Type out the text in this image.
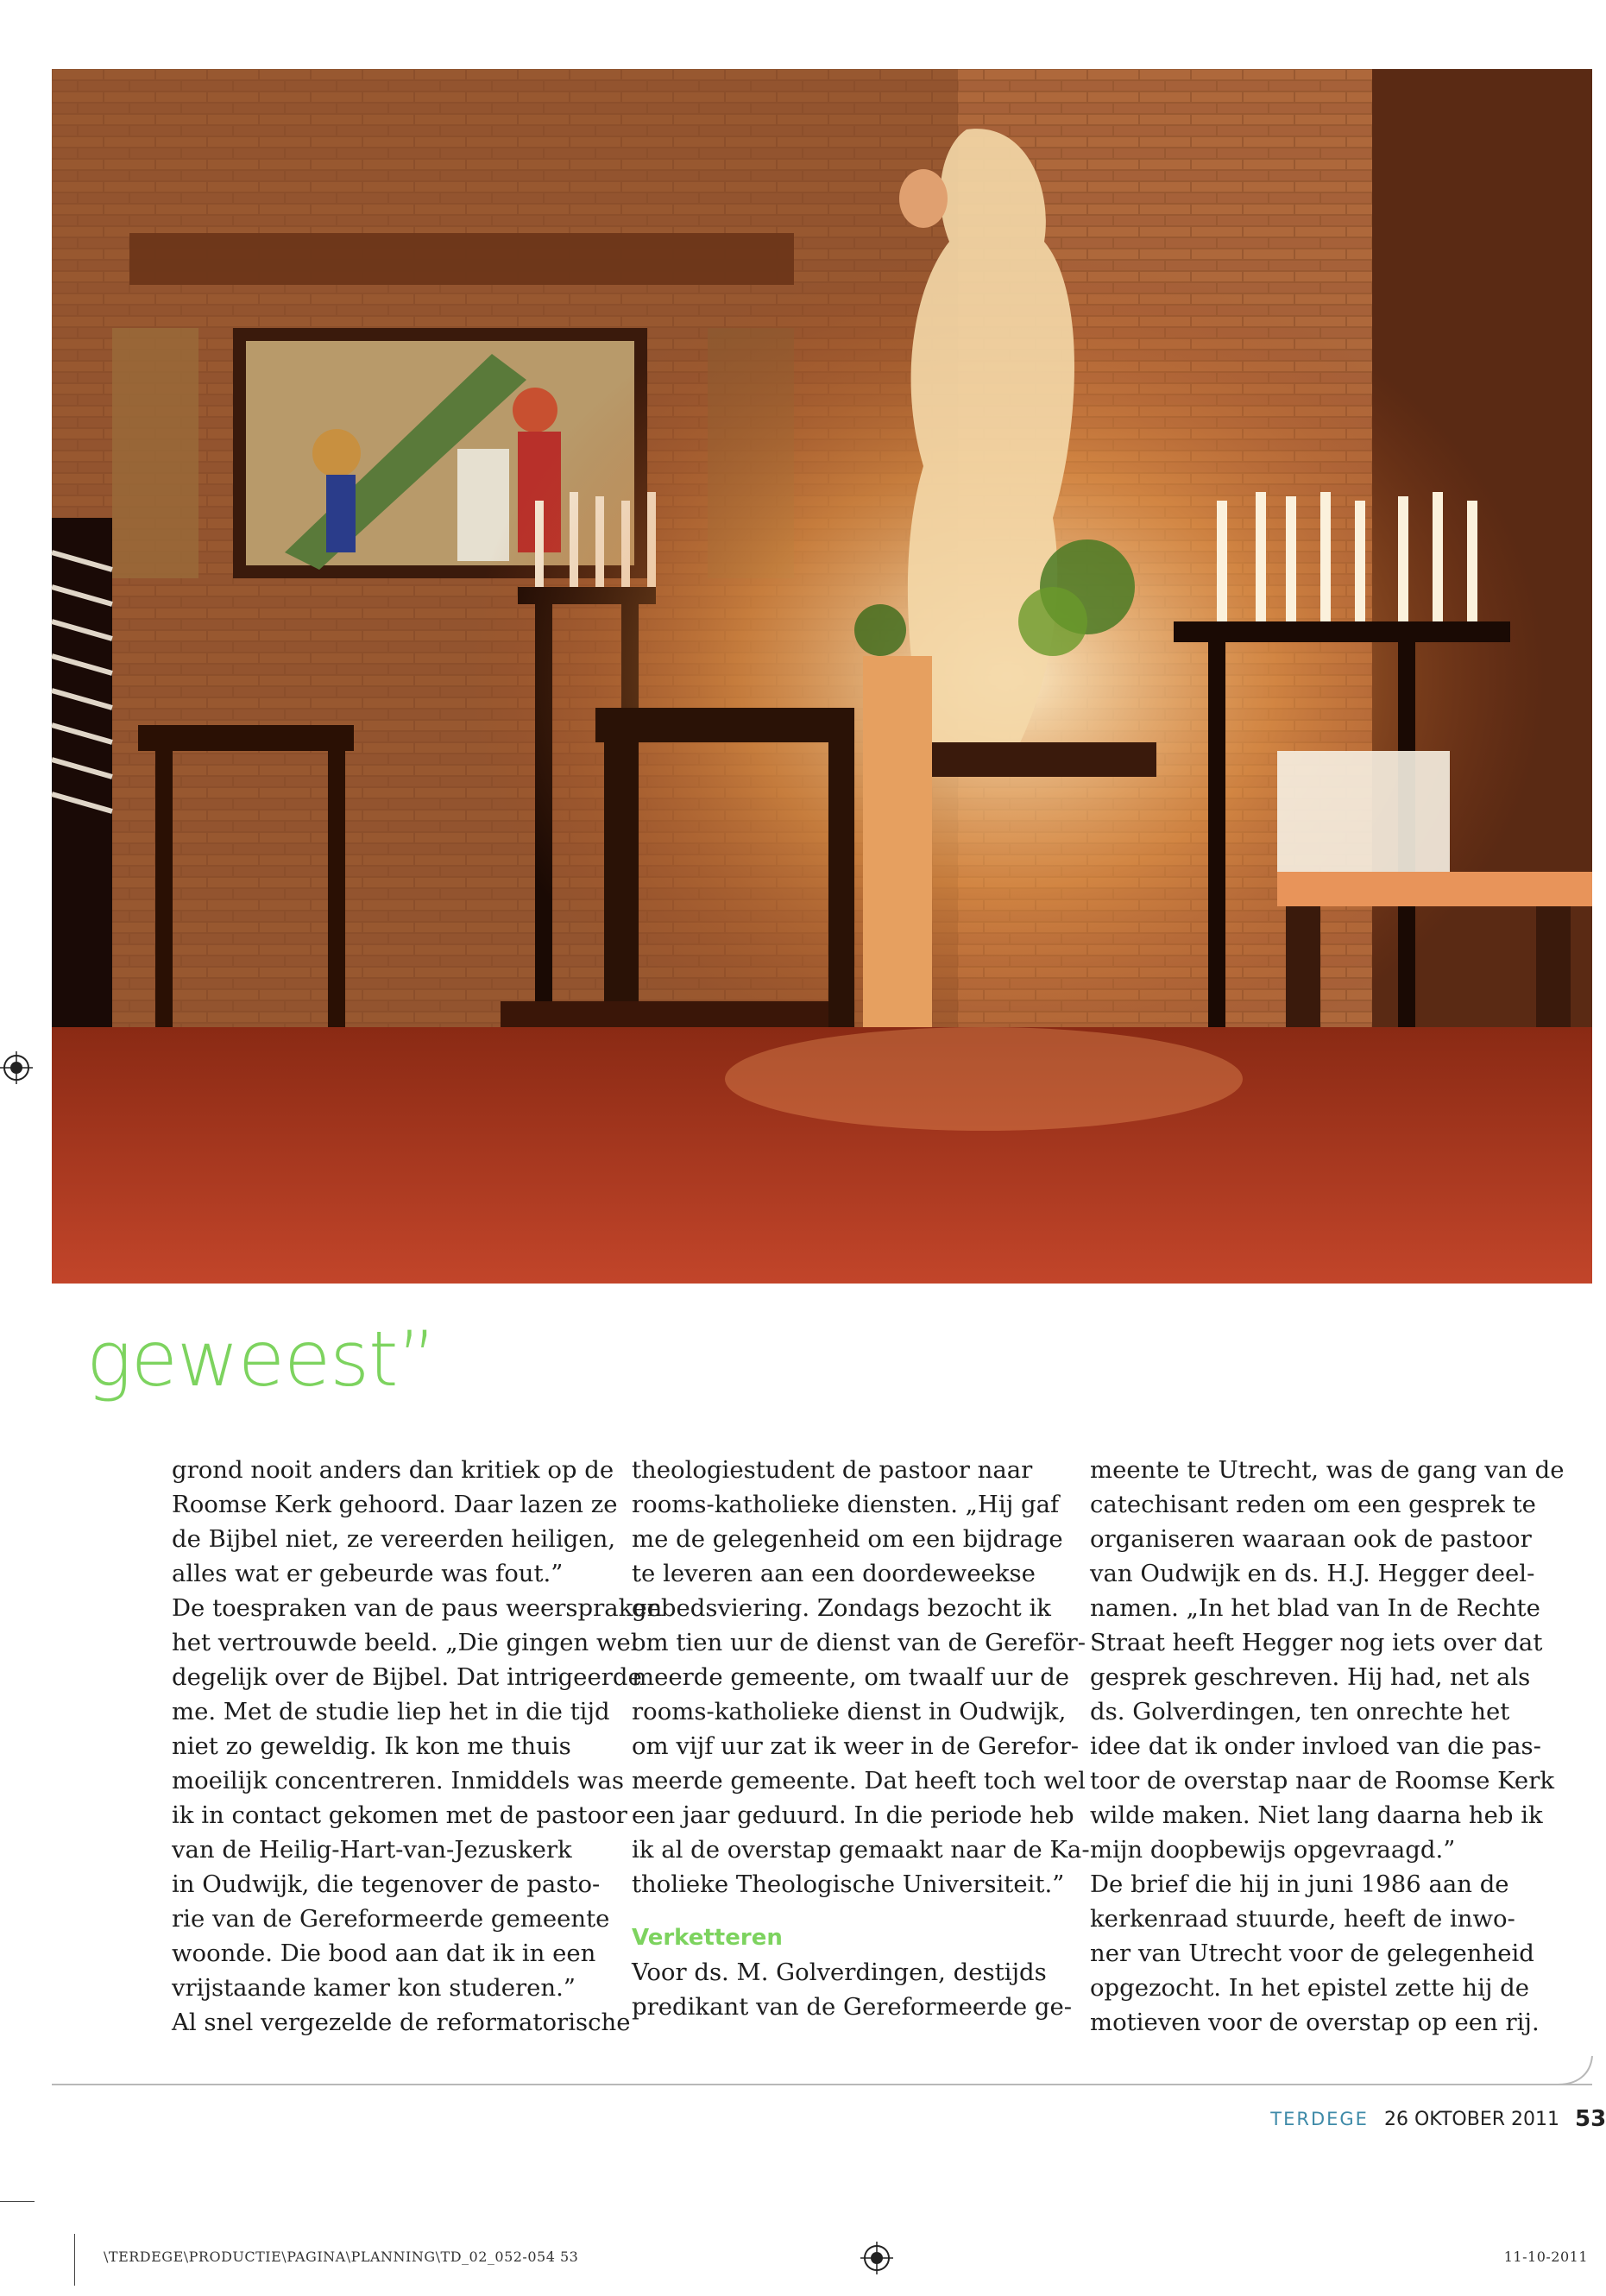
geweest”
grond nooit anders dan kritiek op de
Roomse Kerk gehoord. Daar lazen ze
de Bijbel niet, ze vereerden heiligen,
alles wat er gebeurde was fout.”
De toespraken van de paus weerspraken
het vertrouwde beeld. „Die gingen wel
degelijk over de Bijbel. Dat intrigeerde
me. Met de studie liep het in die tijd
niet zo geweldig. Ik kon me thuis
moeilijk concentreren. Inmiddels was
ik in contact gekomen met de pastoor
van de Heilig-Hart-van-Jezuskerk
in Oudwijk, die tegenover de pasto-
rie van de Gereformeerde gemeente
woonde. Die bood aan dat ik in een
vrijstaande kamer kon studeren.”
Al snel vergezelde de reformatorische
theologiestudent de pastoor naar
rooms-katholieke diensten. „Hij gaf
me de gelegenheid om een bijdrage
te leveren aan een doordeweekse
gebedsviering. Zondags bezocht ik
om tien uur de dienst van de Gereför-
meerde gemeente, om twaalf uur de
rooms-katholieke dienst in Oudwijk,
om vijf uur zat ik weer in de Gerefor-
meerde gemeente. Dat heeft toch wel
een jaar geduurd. In die periode heb
ik al de overstap gemaakt naar de Ka-
tholieke Theologische Universiteit.”
Verketteren
Voor ds. M. Golverdingen, destijds
predikant van de Gereformeerde ge-
meente te Utrecht, was de gang van de
catechisant reden om een gesprek te
organiseren waaraan ook de pastoor
van Oudwijk en ds. H.J. Hegger deel-
namen. „In het blad van In de Rechte
Straat heeft Hegger nog iets over dat
gesprek geschreven. Hij had, net als
ds. Golverdingen, ten onrechte het
idee dat ik onder invloed van die pas-
toor de overstap naar de Roomse Kerk
wilde maken. Niet lang daarna heb ik
mijn doopbewijs opgevraagd.”
De brief die hij in juni 1986 aan de
kerkenraad stuurde, heeft de inwo-
ner van Utrecht voor de gelegenheid
opgezocht. In het epistel zette hij de
motieven voor de overstap op een rij.
TERDEGE 26 OKTOBER 2011 53
\TERDEGE\PRODUCTIE\PAGINA\PLANNING\TD_02_052-054 53	11-10-2011
